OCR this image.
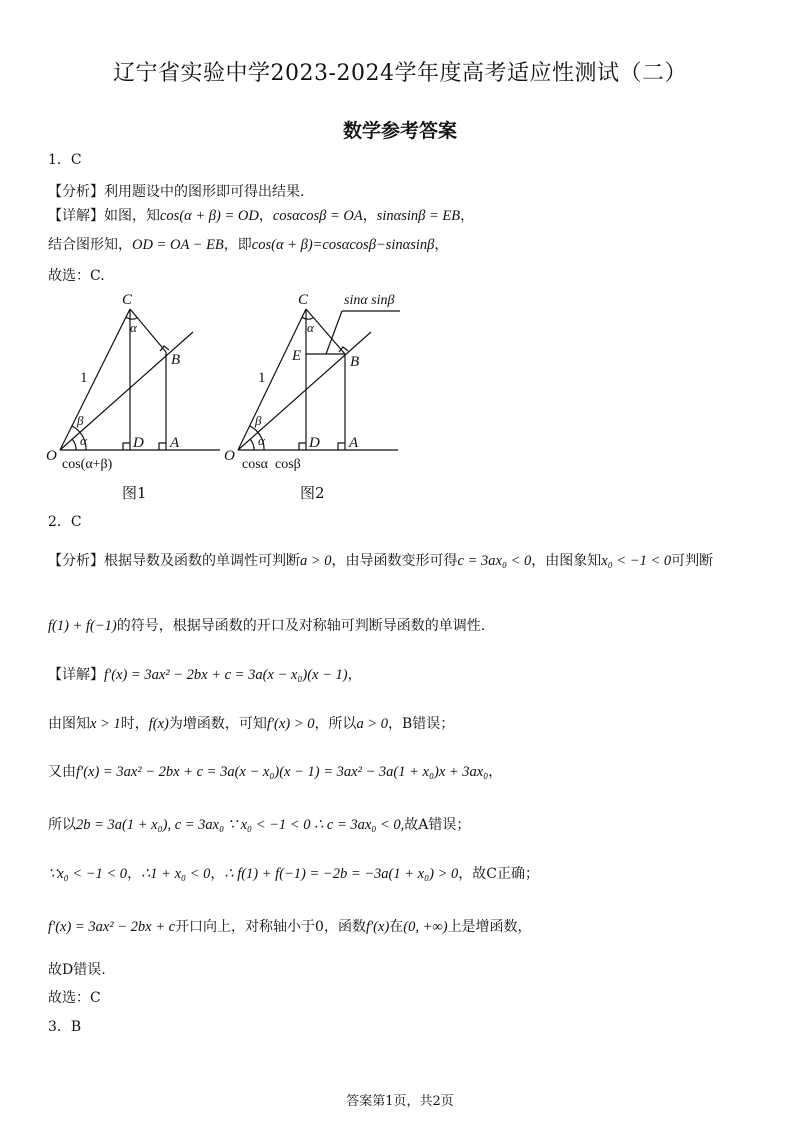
辽宁省实验中学2023-2024学年度高考适应性测试（二）
数学参考答案
1．C
【分析】利用题设中的图形即可得出结果.
【详解】如图，知cos(α + β) = OD，cosαcosβ = OA，sinαsinβ = EB，
结合图形知，OD = OA − EB，即cos(α + β)=cosαcosβ−sinαsinβ，
故选：C.
C
α
B
1
β
α
O
D A
cos(α+β)
图1
C	sinα sinβ
α
E	B
1
β
α
O
D A
cosα  cosβ
图2
2．C
【分析】根据导数及函数的单调性可判断a > 0，由导函数变形可得c = 3ax₀ < 0，由图象知x₀ < −1 < 0可判断
f(1) + f(−1)的符号，根据导函数的开口及对称轴可判断导函数的单调性.
【详解】f′(x) = 3ax² − 2bx + c = 3a(x − x₀)(x − 1)，
由图知x > 1时，f(x)为增函数，可知f′(x) > 0，所以a > 0，B错误；
又由f′(x) = 3ax² − 2bx + c = 3a(x − x₀)(x − 1) = 3ax² − 3a(1 + x₀)x + 3ax₀，
所以2b = 3a(1 + x₀), c = 3ax₀ ∵ x₀ < −1 < 0 ∴ c = 3ax₀ < 0,故A错误；
∵x₀ < −1 < 0，∴1 + x₀ < 0，∴ f(1) + f(−1) = −2b = −3a(1 + x₀) > 0，故C正确；
f′(x) = 3ax² − 2bx + c开口向上，对称轴小于0，函数f′(x)在(0, +∞)上是增函数，
故D错误.
故选：C
3．B
答案第1页，共2页
